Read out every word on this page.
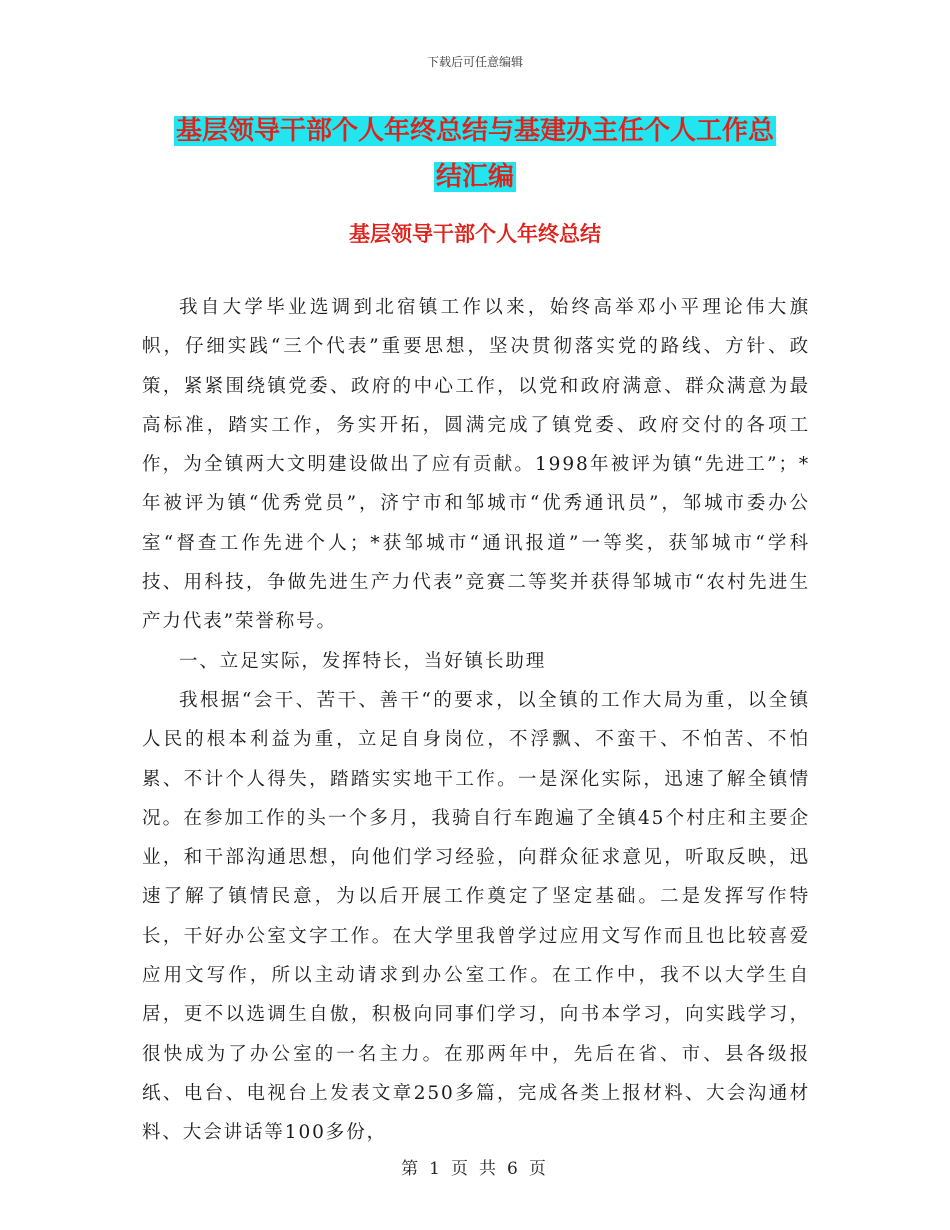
下载后可任意编辑
基层领导干部个人年终总结与基建办主任个人工作总
结汇编
基层领导干部个人年终总结

我自大学毕业选调到北宿镇工作以来，始终高举邓小平理论伟大旗帜，仔细实践“三个代表”重要思想，坚决贯彻落实党的路线、方针、政策，紧紧围绕镇党委、政府的中心工作，以党和政府满意、群众满意为最高标准，踏实工作，务实开拓，圆满完成了镇党委、政府交付的各项工作，为全镇两大文明建设做出了应有贡献。1998年被评为镇“先进工”；*年被评为镇“优秀党员”，济宁市和邹城市“优秀通讯员”，邹城市委办公室“督查工作先进个人；*获邹城市“通讯报道”一等奖，获邹城市“学科技、用科技，争做先进生产力代表”竞赛二等奖并获得邹城市“农村先进生产力代表”荣誉称号。

一、立足实际，发挥特长，当好镇长助理

我根据“会干、苦干、善干“的要求，以全镇的工作大局为重，以全镇人民的根本利益为重，立足自身岗位，不浮飘、不蛮干、不怕苦、不怕累、不计个人得失，踏踏实实地干工作。一是深化实际，迅速了解全镇情况。在参加工作的头一个多月，我骑自行车跑遍了全镇45个村庄和主要企业，和干部沟通思想，向他们学习经验，向群众征求意见，听取反映，迅速了解了镇情民意，为以后开展工作奠定了坚定基础。二是发挥写作特长，干好办公室文字工作。在大学里我曾学过应用文写作而且也比较喜爱应用文写作，所以主动请求到办公室工作。在工作中，我不以大学生自居，更不以选调生自傲，积极向同事们学习，向书本学习，向实践学习，很快成为了办公室的一名主力。在那两年中，先后在省、市、县各级报纸、电台、电视台上发表文章250多篇，完成各类上报材料、大会沟通材料、大会讲话等100多份，

第 1 页 共 6 页
